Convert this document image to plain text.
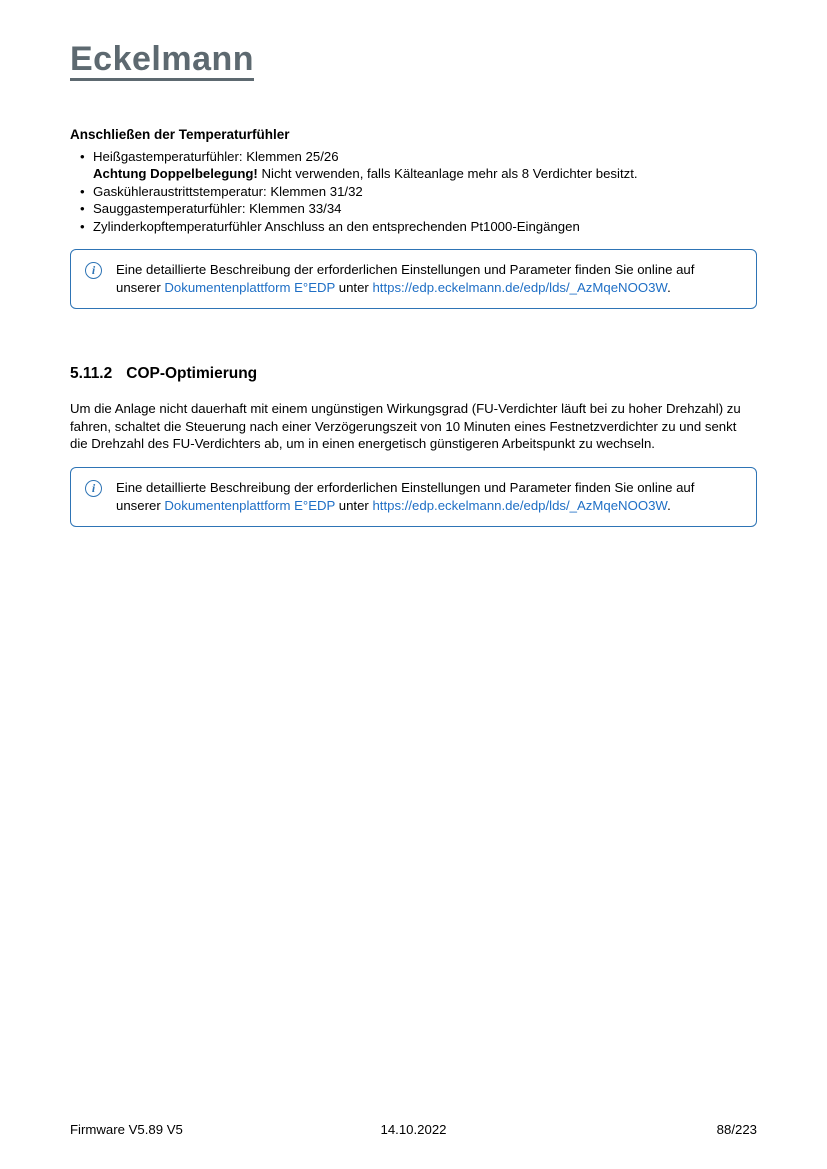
Eckelmann
Anschließen der Temperaturfühler
• Heißgastemperaturfühler: Klemmen 25/26
Achtung Doppelbelegung! Nicht verwenden, falls Kälteanlage mehr als 8 Verdichter besitzt.
• Gaskühleraustrittstemperatur: Klemmen 31/32
• Sauggastemperaturfühler: Klemmen 33/34
• Zylinderkopftemperaturfühler Anschluss an den entsprechenden Pt1000-Eingängen
i	Eine detaillierte Beschreibung der erforderlichen Einstellungen und Parameter finden Sie online auf unserer Dokumentenplattform E°EDP unter https://edp.eckelmann.de/edp/lds/_AzMqeNOO3W.
5.11.2 COP-Optimierung
Um die Anlage nicht dauerhaft mit einem ungünstigen Wirkungsgrad (FU-Verdichter läuft bei zu hoher Drehzahl) zu fahren, schaltet die Steuerung nach einer Verzögerungszeit von 10 Minuten eines Festnetzverdichter zu und senkt die Drehzahl des FU-Verdichters ab, um in einen energetisch günstigeren Arbeitspunkt zu wechseln.
i	Eine detaillierte Beschreibung der erforderlichen Einstellungen und Parameter finden Sie online auf unserer Dokumentenplattform E°EDP unter https://edp.eckelmann.de/edp/lds/_AzMqeNOO3W.
Firmware V5.89 V5	14.10.2022	88/223
